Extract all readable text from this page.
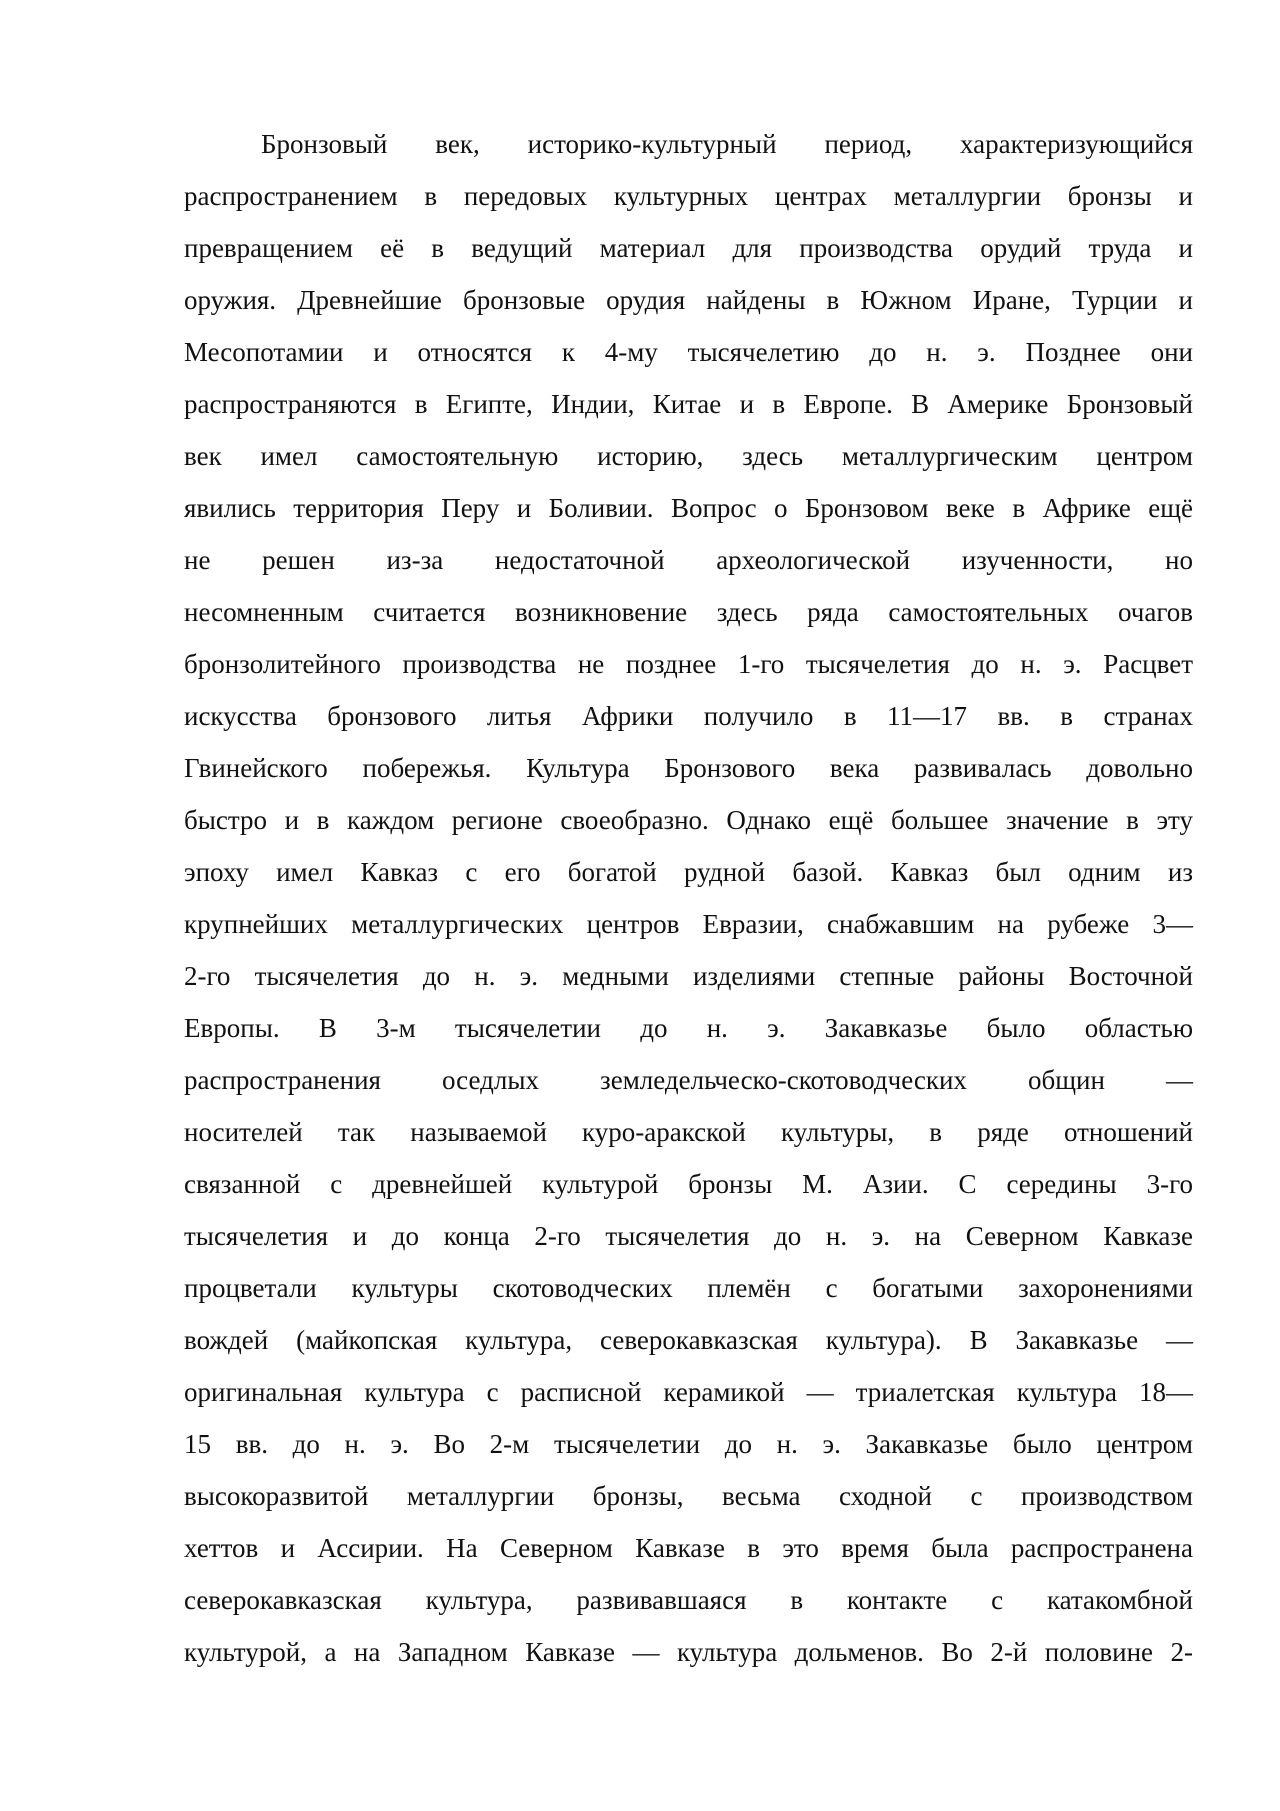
Бронзовый век, историко-культурный период, характеризующийся
распространением в передовых культурных центрах металлургии бронзы и
превращением её в ведущий материал для производства орудий труда и
оружия. Древнейшие бронзовые орудия найдены в Южном Иране, Турции и
Месопотамии и относятся к 4-му тысячелетию до н. э. Позднее они
распространяются в Египте, Индии, Китае и в Европе. В Америке Бронзовый
век имел самостоятельную историю, здесь металлургическим центром
явились территория Перу и Боливии. Вопрос о Бронзовом веке в Африке ещё
не решен из-за недостаточной археологической изученности, но
несомненным считается возникновение здесь ряда самостоятельных очагов
бронзолитейного производства не позднее 1-го тысячелетия до н. э. Расцвет
искусства бронзового литья Африки получило в 11—17 вв. в странах
Гвинейского побережья. Культура Бронзового века развивалась довольно
быстро и в каждом регионе своеобразно. Однако ещё большее значение в эту
эпоху имел Кавказ с его богатой рудной базой. Кавказ был одним из
крупнейших металлургических центров Евразии, снабжавшим на рубеже 3—
2-го тысячелетия до н. э. медными изделиями степные районы Восточной
Европы. В 3-м тысячелетии до н. э. Закавказье было областью
распространения оседлых земледельческо-скотоводческих общин —
носителей так называемой куро-аракской культуры, в ряде отношений
связанной с древнейшей культурой бронзы М. Азии. С середины 3-го
тысячелетия и до конца 2-го тысячелетия до н. э. на Северном Кавказе
процветали культуры скотоводческих племён с богатыми захоронениями
вождей (майкопская культура, северокавказская культура). В Закавказье —
оригинальная культура с расписной керамикой — триалетская культура 18—
15 вв. до н. э. Во 2-м тысячелетии до н. э. Закавказье было центром
высокоразвитой металлургии бронзы, весьма сходной с производством
хеттов и Ассирии. На Северном Кавказе в это время была распространена
северокавказская культура, развивавшаяся в контакте с катакомбной
культурой, а на Западном Кавказе — культура дольменов. Во 2-й половине 2-
